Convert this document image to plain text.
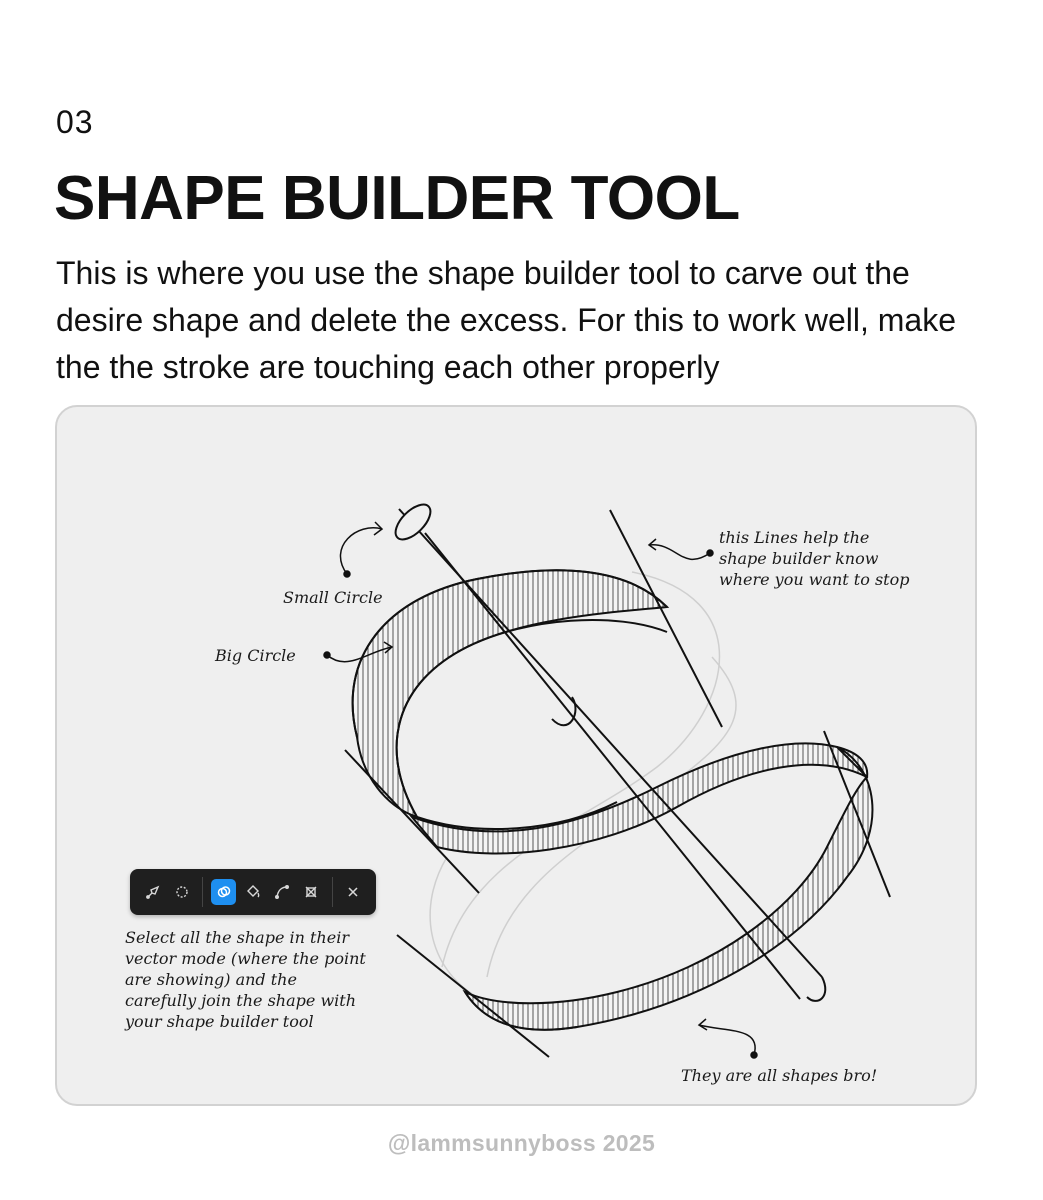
03
SHAPE BUILDER TOOL

This is where you use the shape builder tool to carve out the desire shape and delete the excess. For this to work well, make the the stroke are touching each other properly

Small Circle
Big Circle
this Lines help the
shape builder know
where you want to stop
Select all the shape in their
vector mode (where the point
are showing) and the
carefully join the shape with
your shape builder tool
They are all shapes bro!
@lammsunnyboss 2025
